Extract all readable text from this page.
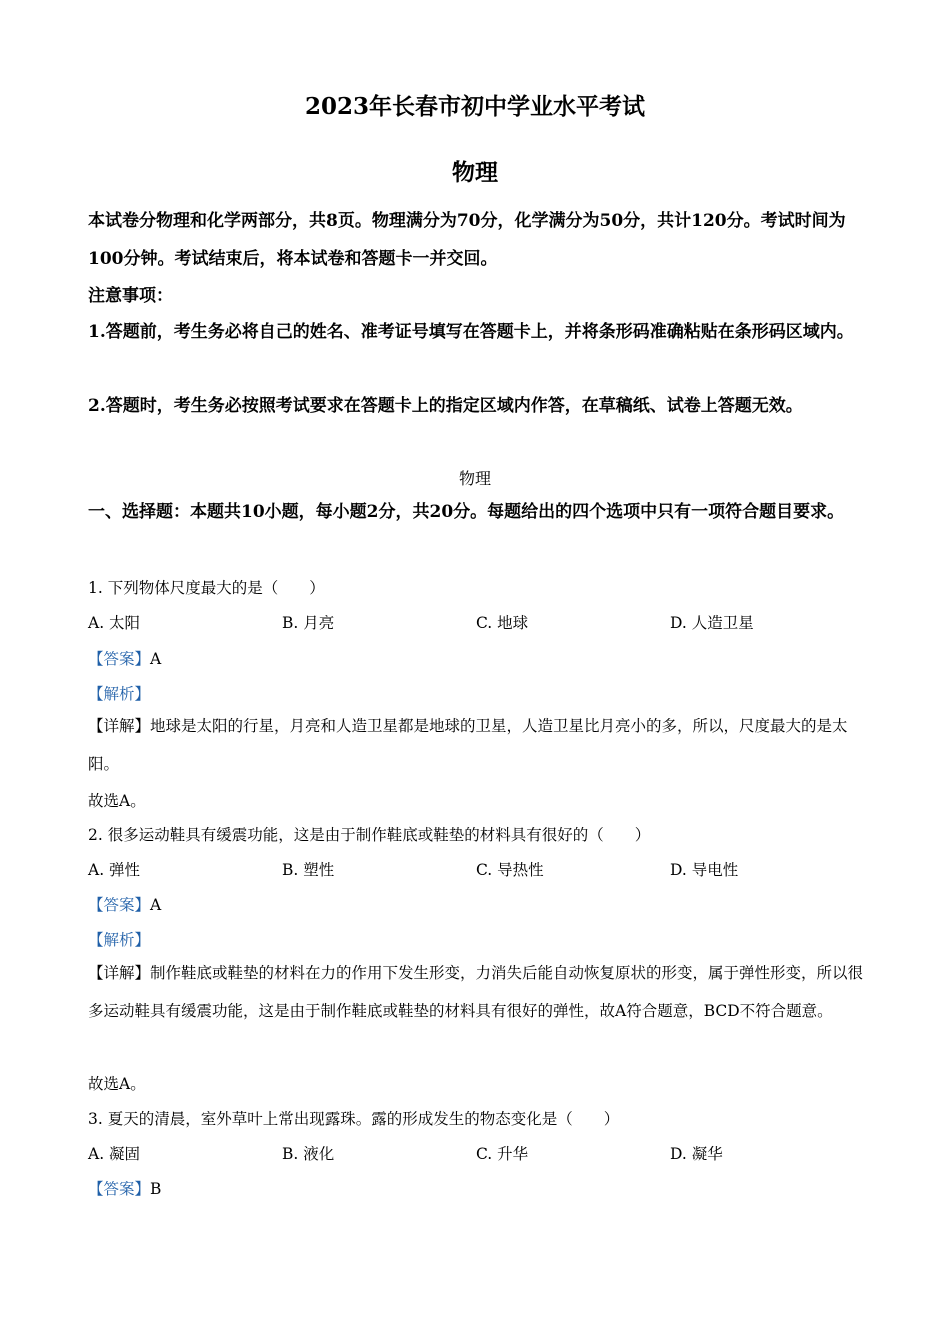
2023年长春市初中学业水平考试
物理
本试卷分物理和化学两部分，共8页。物理满分为70分，化学满分为50分，共计120分。考试时间为100分钟。考试结束后，将本试卷和答题卡一并交回。
注意事项：
1.答题前，考生务必将自己的姓名、准考证号填写在答题卡上，并将条形码准确粘贴在条形码区域内。
2.答题时，考生务必按照考试要求在答题卡上的指定区域内作答，在草稿纸、试卷上答题无效。
物理
一、选择题：本题共10小题，每小题2分，共20分。每题给出的四个选项中只有一项符合题目要求。
1. 下列物体尺度最大的是（　　）
A. 太阳	B. 月亮	C. 地球	D. 人造卫星
【答案】A
【解析】
【详解】地球是太阳的行星，月亮和人造卫星都是地球的卫星，人造卫星比月亮小的多，所以，尺度最大的是太阳。
故选A。
2. 很多运动鞋具有缓震功能，这是由于制作鞋底或鞋垫的材料具有很好的（　　）
A. 弹性	B. 塑性	C. 导热性	D. 导电性
【答案】A
【解析】
【详解】制作鞋底或鞋垫的材料在力的作用下发生形变，力消失后能自动恢复原状的形变，属于弹性形变，所以很多运动鞋具有缓震功能，这是由于制作鞋底或鞋垫的材料具有很好的弹性，故A符合题意，BCD不符合题意。
故选A。
3. 夏天的清晨，室外草叶上常出现露珠。露的形成发生的物态变化是（　　）
A. 凝固	B. 液化	C. 升华	D. 凝华
【答案】B
